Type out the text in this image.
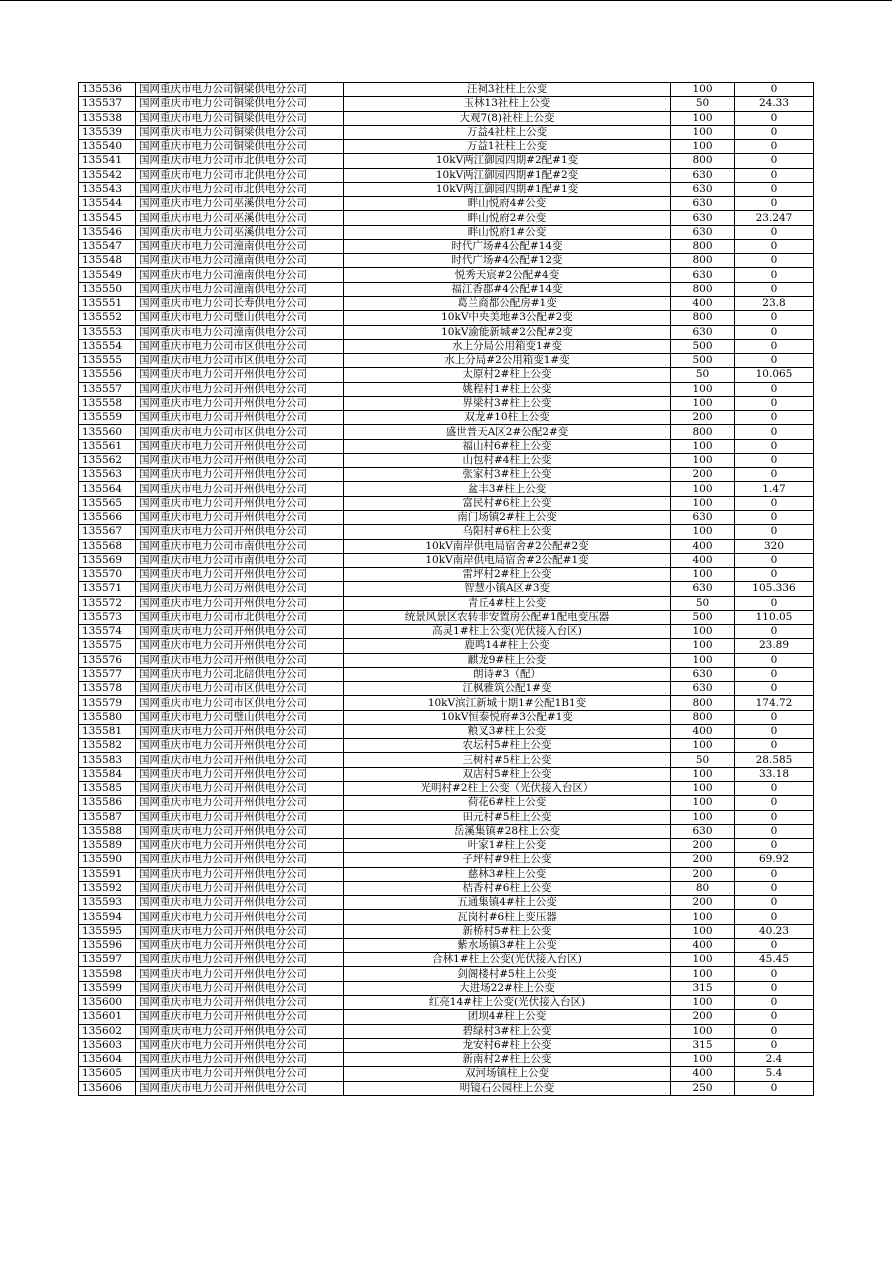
135536	国网重庆市电力公司铜梁供电分公司	汪祠3社柱上公变	100	0
135537	国网重庆市电力公司铜梁供电分公司	玉林13社柱上公变	50	24.33
135538	国网重庆市电力公司铜梁供电分公司	大观7(8)社柱上公变	100	0
135539	国网重庆市电力公司铜梁供电分公司	万益4社柱上公变	100	0
135540	国网重庆市电力公司铜梁供电分公司	万益1社柱上公变	100	0
135541	国网重庆市电力公司市北供电分公司	10kV两江御园四期#2配#1变	800	0
135542	国网重庆市电力公司市北供电分公司	10kV两江御园四期#1配#2变	630	0
135543	国网重庆市电力公司市北供电分公司	10kV两江御园四期#1配#1变	630	0
135544	国网重庆市电力公司巫溪供电分公司	畔山悦府4#公变	630	0
135545	国网重庆市电力公司巫溪供电分公司	畔山悦府2#公变	630	23.247
135546	国网重庆市电力公司巫溪供电分公司	畔山悦府1#公变	630	0
135547	国网重庆市电力公司潼南供电分公司	时代广场#4公配#14变	800	0
135548	国网重庆市电力公司潼南供电分公司	时代广场#4公配#12变	800	0
135549	国网重庆市电力公司潼南供电分公司	悦秀天宸#2公配#4变	630	0
135550	国网重庆市电力公司潼南供电分公司	福江香郡#4公配#14变	800	0
135551	国网重庆市电力公司长寿供电分公司	葛兰商都公配房#1变	400	23.8
135552	国网重庆市电力公司璧山供电分公司	10kV中央美地#3公配#2变	800	0
135553	国网重庆市电力公司潼南供电分公司	10kV渝能新城#2公配#2变	630	0
135554	国网重庆市电力公司市区供电分公司	水上分局公用箱变1#变	500	0
135555	国网重庆市电力公司市区供电分公司	水上分局#2公用箱变1#变	500	0
135556	国网重庆市电力公司开州供电分公司	太原村2#柱上公变	50	10.065
135557	国网重庆市电力公司开州供电分公司	姚程村1#柱上公变	100	0
135558	国网重庆市电力公司开州供电分公司	界梁村3#柱上公变	100	0
135559	国网重庆市电力公司开州供电分公司	双龙#10柱上公变	200	0
135560	国网重庆市电力公司市区供电分公司	盛世普天A区2#公配2#变	800	0
135561	国网重庆市电力公司开州供电分公司	福山村6#柱上公变	100	0
135562	国网重庆市电力公司开州供电分公司	山包村#4柱上公变	100	0
135563	国网重庆市电力公司开州供电分公司	张家村3#柱上公变	200	0
135564	国网重庆市电力公司开州供电分公司	盆丰3#柱上公变	100	1.47
135565	国网重庆市电力公司开州供电分公司	富民村#6柱上公变	100	0
135566	国网重庆市电力公司开州供电分公司	南门场镇2#柱上公变	630	0
135567	国网重庆市电力公司开州供电分公司	乌阳村#6柱上公变	100	0
135568	国网重庆市电力公司市南供电分公司	10kV南岸供电局宿舍#2公配#2变	400	320
135569	国网重庆市电力公司市南供电分公司	10kV南岸供电局宿舍#2公配#1变	400	0
135570	国网重庆市电力公司开州供电分公司	雷坪村2#柱上公变	100	0
135571	国网重庆市电力公司万州供电分公司	智慧小镇A区#3变	630	105.336
135572	国网重庆市电力公司开州供电分公司	青丘4#柱上公变	50	0
135573	国网重庆市电力公司市北供电分公司	统景风景区农转非安置房公配#1配电变压器	500	110.05
135574	国网重庆市电力公司开州供电分公司	高灵1#柱上公变(光伏接入台区)	100	0
135575	国网重庆市电力公司开州供电分公司	鹿鸣14#柱上公变	100	23.89
135576	国网重庆市电力公司开州供电分公司	麒龙9#柱上公变	100	0
135577	国网重庆市电力公司北碚供电分公司	朗诗#3（配）	630	0
135578	国网重庆市电力公司市区供电分公司	江枫雅筑公配1#变	630	0
135579	国网重庆市电力公司市区供电分公司	10kV滨江新城十期1#公配1B1变	800	174.72
135580	国网重庆市电力公司璧山供电分公司	10kV恒泰悦府#3公配#1变	800	0
135581	国网重庆市电力公司开州供电分公司	粮叉3#柱上公变	400	0
135582	国网重庆市电力公司开州供电分公司	农坛村5#柱上公变	100	0
135583	国网重庆市电力公司开州供电分公司	三树村#5柱上公变	50	28.585
135584	国网重庆市电力公司开州供电分公司	双店村5#柱上公变	100	33.18
135585	国网重庆市电力公司开州供电分公司	光明村#2柱上公变（光伏接入台区）	100	0
135586	国网重庆市电力公司开州供电分公司	荷花6#柱上公变	100	0
135587	国网重庆市电力公司开州供电分公司	田元村#5柱上公变	100	0
135588	国网重庆市电力公司开州供电分公司	岳溪集镇#28柱上公变	630	0
135589	国网重庆市电力公司开州供电分公司	叶家1#柱上公变	200	0
135590	国网重庆市电力公司开州供电分公司	子坪村#9柱上公变	200	69.92
135591	国网重庆市电力公司开州供电分公司	慈林3#柱上公变	200	0
135592	国网重庆市电力公司开州供电分公司	桔香村#6柱上公变	80	0
135593	国网重庆市电力公司开州供电分公司	五通集镇4#柱上公变	200	0
135594	国网重庆市电力公司开州供电分公司	瓦岗村#6柱上变压器	100	0
135595	国网重庆市电力公司开州供电分公司	新桥村5#柱上公变	100	40.23
135596	国网重庆市电力公司开州供电分公司	紫水场镇3#柱上公变	400	0
135597	国网重庆市电力公司开州供电分公司	合林1#柱上公变(光伏接入台区)	100	45.45
135598	国网重庆市电力公司开州供电分公司	剑阁楼村#5柱上公变	100	0
135599	国网重庆市电力公司开州供电分公司	大进场22#柱上公变	315	0
135600	国网重庆市电力公司开州供电分公司	红亮14#柱上公变(光伏接入台区)	100	0
135601	国网重庆市电力公司开州供电分公司	团坝4#柱上公变	200	0
135602	国网重庆市电力公司开州供电分公司	碧绿村3#柱上公变	100	0
135603	国网重庆市电力公司开州供电分公司	龙安村6#柱上公变	315	0
135604	国网重庆市电力公司开州供电分公司	新南村2#柱上公变	100	2.4
135605	国网重庆市电力公司开州供电分公司	双河场镇柱上公变	400	5.4
135606	国网重庆市电力公司开州供电分公司	明镜石公园柱上公变	250	0
